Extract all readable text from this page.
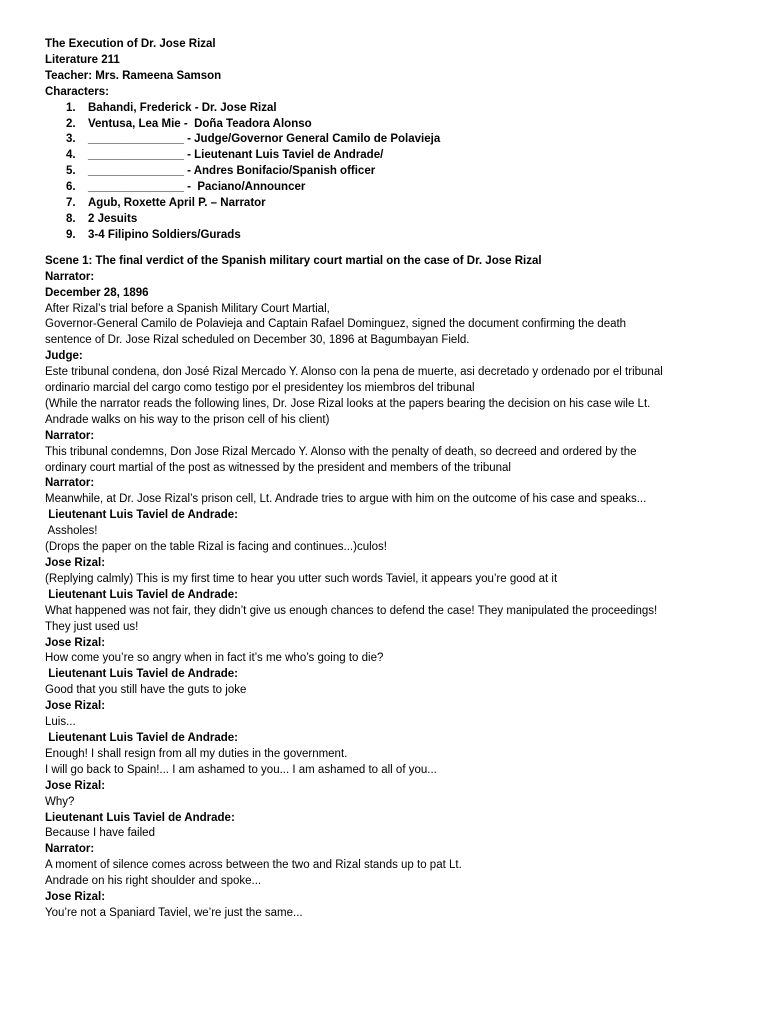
The Execution of Dr. Jose Rizal
Literature 211
Teacher: Mrs. Rameena Samson
Characters:
1. Bahandi, Frederick - Dr. Jose Rizal
2. Ventusa, Lea Mie -  Doña Teadora Alonso
3. _______________ - Judge/Governor General Camilo de Polavieja
4. _______________ - Lieutenant Luis Taviel de Andrade/
5. _______________ - Andres Bonifacio/Spanish officer
6. _______________ -  Paciano/Announcer
7. Agub, Roxette April P. – Narrator
8. 2 Jesuits
9. 3-4 Filipino Soldiers/Gurads
Scene 1: The final verdict of the Spanish military court martial on the case of Dr. Jose Rizal
Narrator:
December 28, 1896
After Rizal’s trial before a Spanish Military Court Martial,
Governor-General Camilo de Polavieja and Captain Rafael Dominguez, signed the document confirming the death
sentence of Dr. Jose Rizal scheduled on December 30, 1896 at Bagumbayan Field.
Judge:
Este tribunal condena, don José Rizal Mercado Y. Alonso con la pena de muerte, asi decretado y ordenado por el tribunal
ordinario marcial del cargo como testigo por el presidentey los miembros del tribunal
(While the narrator reads the following lines, Dr. Jose Rizal looks at the papers bearing the decision on his case wile Lt.
Andrade walks on his way to the prison cell of his client)
Narrator:
This tribunal condemns, Don Jose Rizal Mercado Y. Alonso with the penalty of death, so decreed and ordered by the
ordinary court martial of the post as witnessed by the president and members of the tribunal
Narrator:
Meanwhile, at Dr. Jose Rizal’s prison cell, Lt. Andrade tries to argue with him on the outcome of his case and speaks...
Lieutenant Luis Taviel de Andrade:
Assholes!
(Drops the paper on the table Rizal is facing and continues...)culos!
Jose Rizal:
(Replying calmly) This is my first time to hear you utter such words Taviel, it appears you’re good at it
Lieutenant Luis Taviel de Andrade:
What happened was not fair, they didn’t give us enough chances to defend the case! They manipulated the proceedings!
They just used us!
Jose Rizal:
How come you’re so angry when in fact it’s me who’s going to die?
Lieutenant Luis Taviel de Andrade:
Good that you still have the guts to joke
Jose Rizal:
Luis...
Lieutenant Luis Taviel de Andrade:
Enough! I shall resign from all my duties in the government.
I will go back to Spain!... I am ashamed to you... I am ashamed to all of you...
Jose Rizal:
Why?
Lieutenant Luis Taviel de Andrade:
Because I have failed
Narrator:
A moment of silence comes across between the two and Rizal stands up to pat Lt.
Andrade on his right shoulder and spoke...
Jose Rizal:
You’re not a Spaniard Taviel, we’re just the same...
